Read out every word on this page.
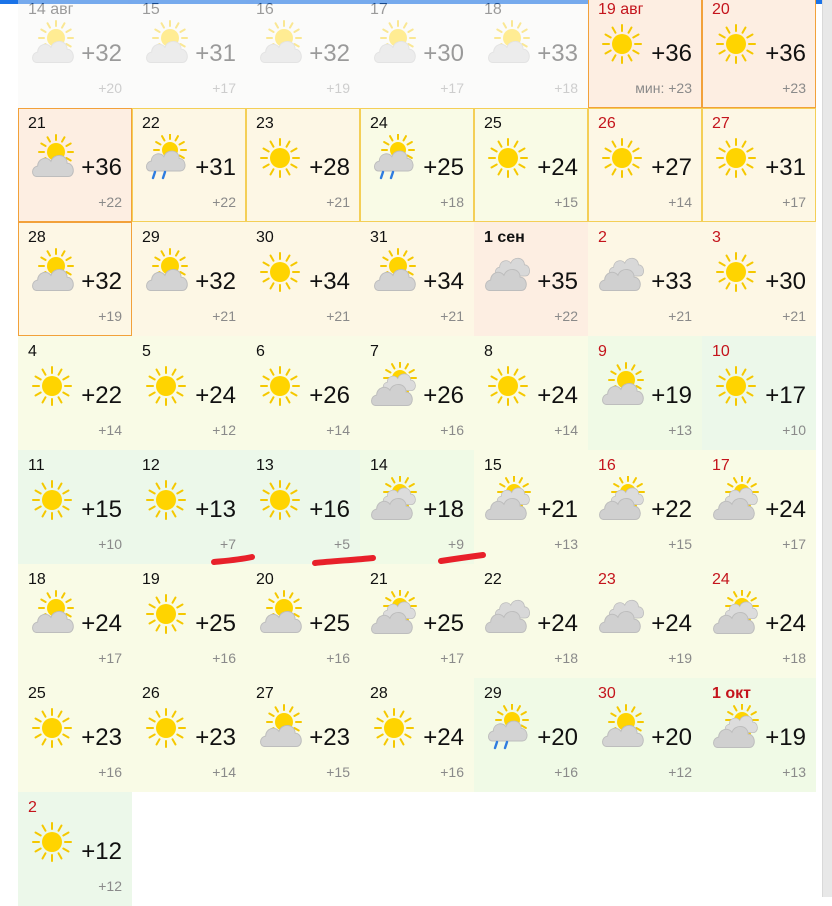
14 авг
+32
+20
15
+31
+17
16
+32
+19
17
+30
+17
18
+33
+18
19 авг
+36
мин: +23
20
+36
+23
21
+36
+22
22
+31
+22
23
+28
+21
24
+25
+18
25
+24
+15
26
+27
+14
27
+31
+17
28
+32
+19
29
+32
+21
30
+34
+21
31
+34
+21
1 сен
+35
+22
2
+33
+21
3
+30
+21
4
+22
+14
5
+24
+12
6
+26
+14
7
+26
+16
8
+24
+14
9
+19
+13
10
+17
+10
11
+15
+10
12
+13
+7
13
+16
+5
14
+18
+9
15
+21
+13
16
+22
+15
17
+24
+17
18
+24
+17
19
+25
+16
20
+25
+16
21
+25
+17
22
+24
+18
23
+24
+19
24
+24
+18
25
+23
+16
26
+23
+14
27
+23
+15
28
+24
+16
29
+20
+16
30
+20
+12
1 окт
+19
+13
2
+12
+12
